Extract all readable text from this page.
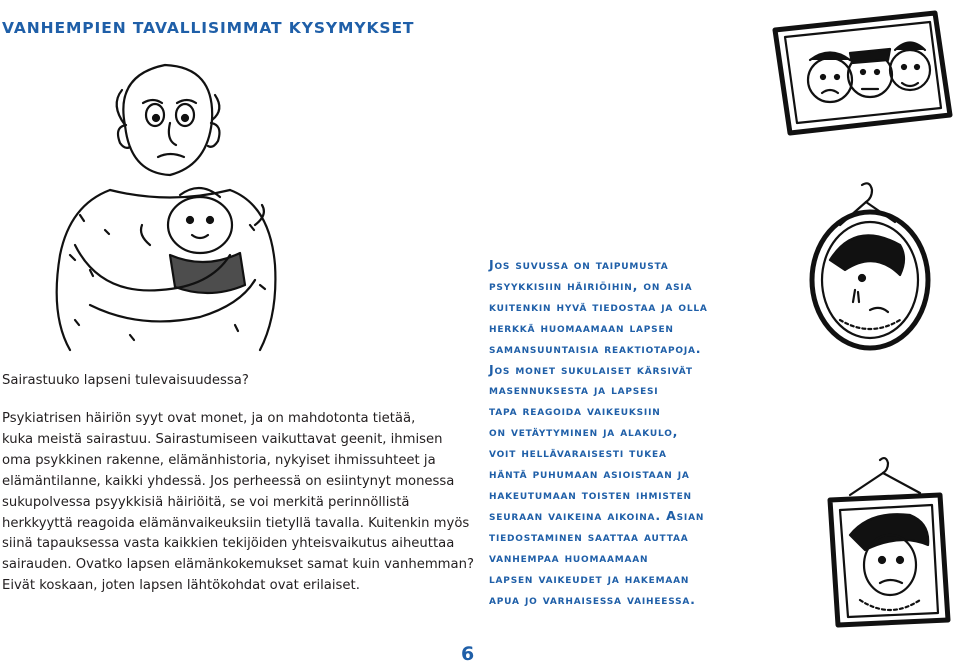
VANHEMPIEN TAVALLISIMMAT KYSYMYKSET
Sairastuuko lapseni tulevaisuudessa?
Psykiatrisen häiriön syyt ovat monet, ja on mahdotonta tietää,
kuka meistä sairastuu. Sairastumiseen vaikuttavat geenit, ihmisen
oma psykkinen rakenne, elämänhistoria, nykyiset ihmissuhteet ja
elämäntilanne, kaikki yhdessä. Jos perheessä on esiintynyt monessa
sukupolvessa psyykkisiä häiriöitä, se voi merkitä perinnöllistä
herkkyyttä reagoida elämänvaikeuksiin tietyllä tavalla. Kuitenkin myös
siinä tapauksessa vasta kaikkien tekijöiden yhteisvaikutus aiheuttaa
sairauden. Ovatko lapsen elämänkokemukset samat kuin vanhemman?
Eivät koskaan, joten lapsen lähtökohdat ovat erilaiset.
Jos suvussa on taipumusta
psyykkisiin häiriöihin, on asia
kuitenkin hyvä tiedostaa ja olla
herkkä huomaamaan lapsen
samansuuntaisia reaktiotapoja.
Jos monet sukulaiset kärsivät
masennuksesta ja lapsesi
tapa reagoida vaikeuksiin
on vetäytyminen ja alakulo,
voit hellävaraisesti tukea
häntä puhumaan asioistaan ja
hakeutumaan toisten ihmisten
seuraan vaikeina aikoina. Asian
tiedostaminen saattaa auttaa
vanhempaa huomaamaan
lapsen vaikeudet ja hakemaan
apua jo varhaisessa vaiheessa.
6
